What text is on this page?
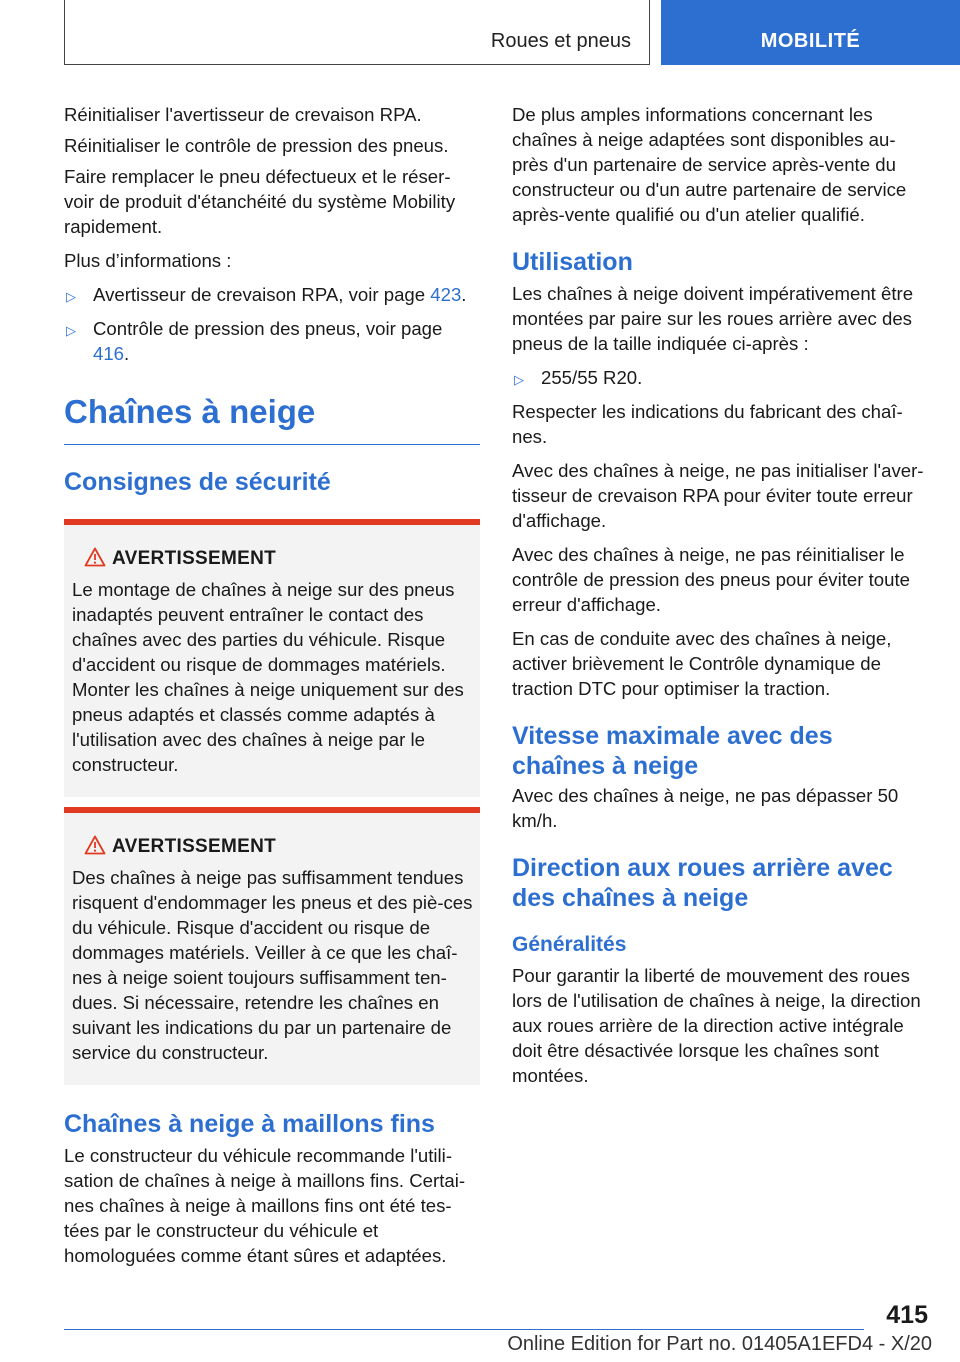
Roues et pneus	MOBILITÉ

Réinitialiser l'avertisseur de crevaison RPA.

Réinitialiser le contrôle de pression des pneus.

Faire remplacer le pneu défectueux et le réser-voir de produit d'étanchéité du système Mobility rapidement.

Plus d’informations :

▷ Avertisseur de crevaison RPA, voir page 423.
▷ Contrôle de pression des pneus, voir page 416.
Chaînes à neige
Consignes de sécurité
AVERTISSEMENT

Le montage de chaînes à neige sur des pneus inadaptés peuvent entraîner le contact des chaînes avec des parties du véhicule. Risque d'accident ou risque de dommages matériels. Monter les chaînes à neige uniquement sur des pneus adaptés et classés comme adaptés à l'utilisation avec des chaînes à neige par le constructeur.

AVERTISSEMENT

Des chaînes à neige pas suffisamment tendues risquent d'endommager les pneus et des piè-ces du véhicule. Risque d'accident ou risque de dommages matériels. Veiller à ce que les chaî-nes à neige soient toujours suffisamment ten-dues. Si nécessaire, retendre les chaînes en suivant les indications du par un partenaire de service du constructeur.

Chaînes à neige à maillons fins

Le constructeur du véhicule recommande l'utili-sation de chaînes à neige à maillons fins. Certai-nes chaînes à neige à maillons fins ont été tes-tées par le constructeur du véhicule et homologuées comme étant sûres et adaptées.

De plus amples informations concernant les chaînes à neige adaptées sont disponibles au-près d'un partenaire de service après-vente du constructeur ou d'un autre partenaire de service après-vente qualifié ou d'un atelier qualifié.

Utilisation

Les chaînes à neige doivent impérativement être montées par paire sur les roues arrière avec des pneus de la taille indiquée ci-après :

▷ 255/55 R20.

Respecter les indications du fabricant des chaî-nes.

Avec des chaînes à neige, ne pas initialiser l'aver-tisseur de crevaison RPA pour éviter toute erreur d'affichage.

Avec des chaînes à neige, ne pas réinitialiser le contrôle de pression des pneus pour éviter toute erreur d'affichage.

En cas de conduite avec des chaînes à neige, activer brièvement le Contrôle dynamique de traction DTC pour optimiser la traction.

Vitesse maximale avec des chaînes à neige

Avec des chaînes à neige, ne pas dépasser 50 km/h.

Direction aux roues arrière avec des chaînes à neige
Généralités

Pour garantir la liberté de mouvement des roues lors de l'utilisation de chaînes à neige, la direction aux roues arrière de la direction active intégrale doit être désactivée lorsque les chaînes sont montées.

415
Online Edition for Part no. 01405A1EFD4 - X/20
